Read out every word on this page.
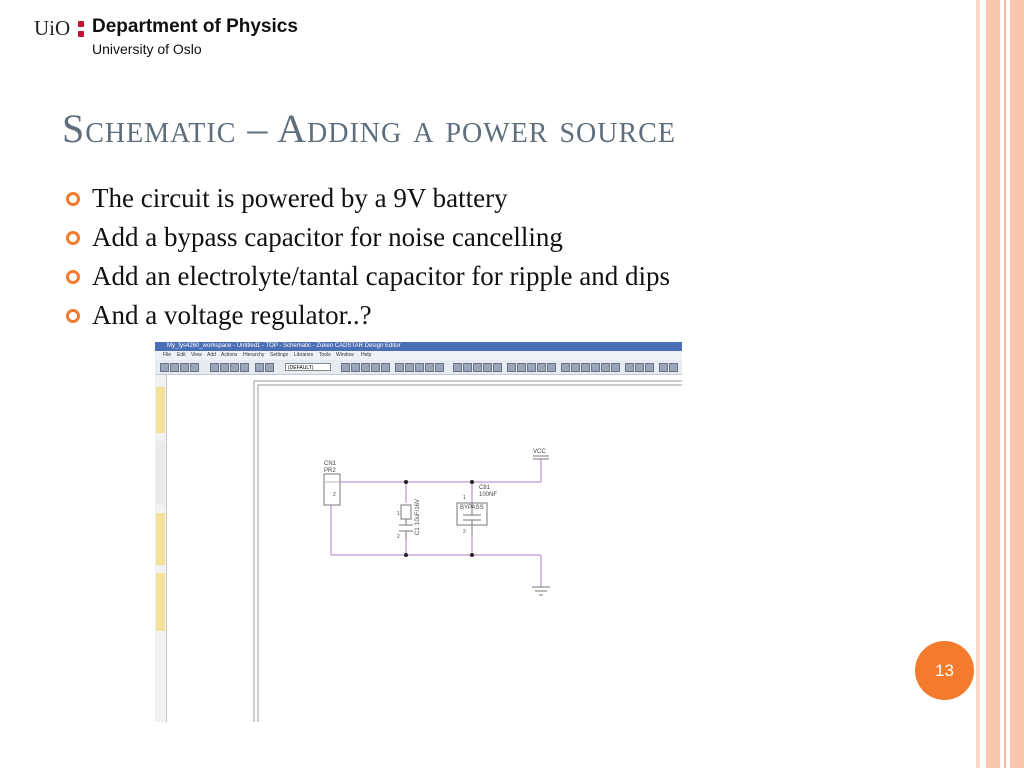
UiO Department of Physics
University of Oslo
Schematic – Adding a power source
The circuit is powered by a 9V battery
Add a bypass capacitor for noise cancelling
Add an electrolyte/tantal capacitor for ripple and dips
And a voltage regulator..?
My_fys4260_workspace - Untitled1 - TOP - Schematic - Zuken CADSTAR Design Editor
File Edit View Add Actions Hierarchy Settings Libraries Tools Window Help
(DEFAULT)
VCC
CN1
PR2
2
1
2
C1
10uF/16V
C81
100NF
BYPASS
1
2
13
